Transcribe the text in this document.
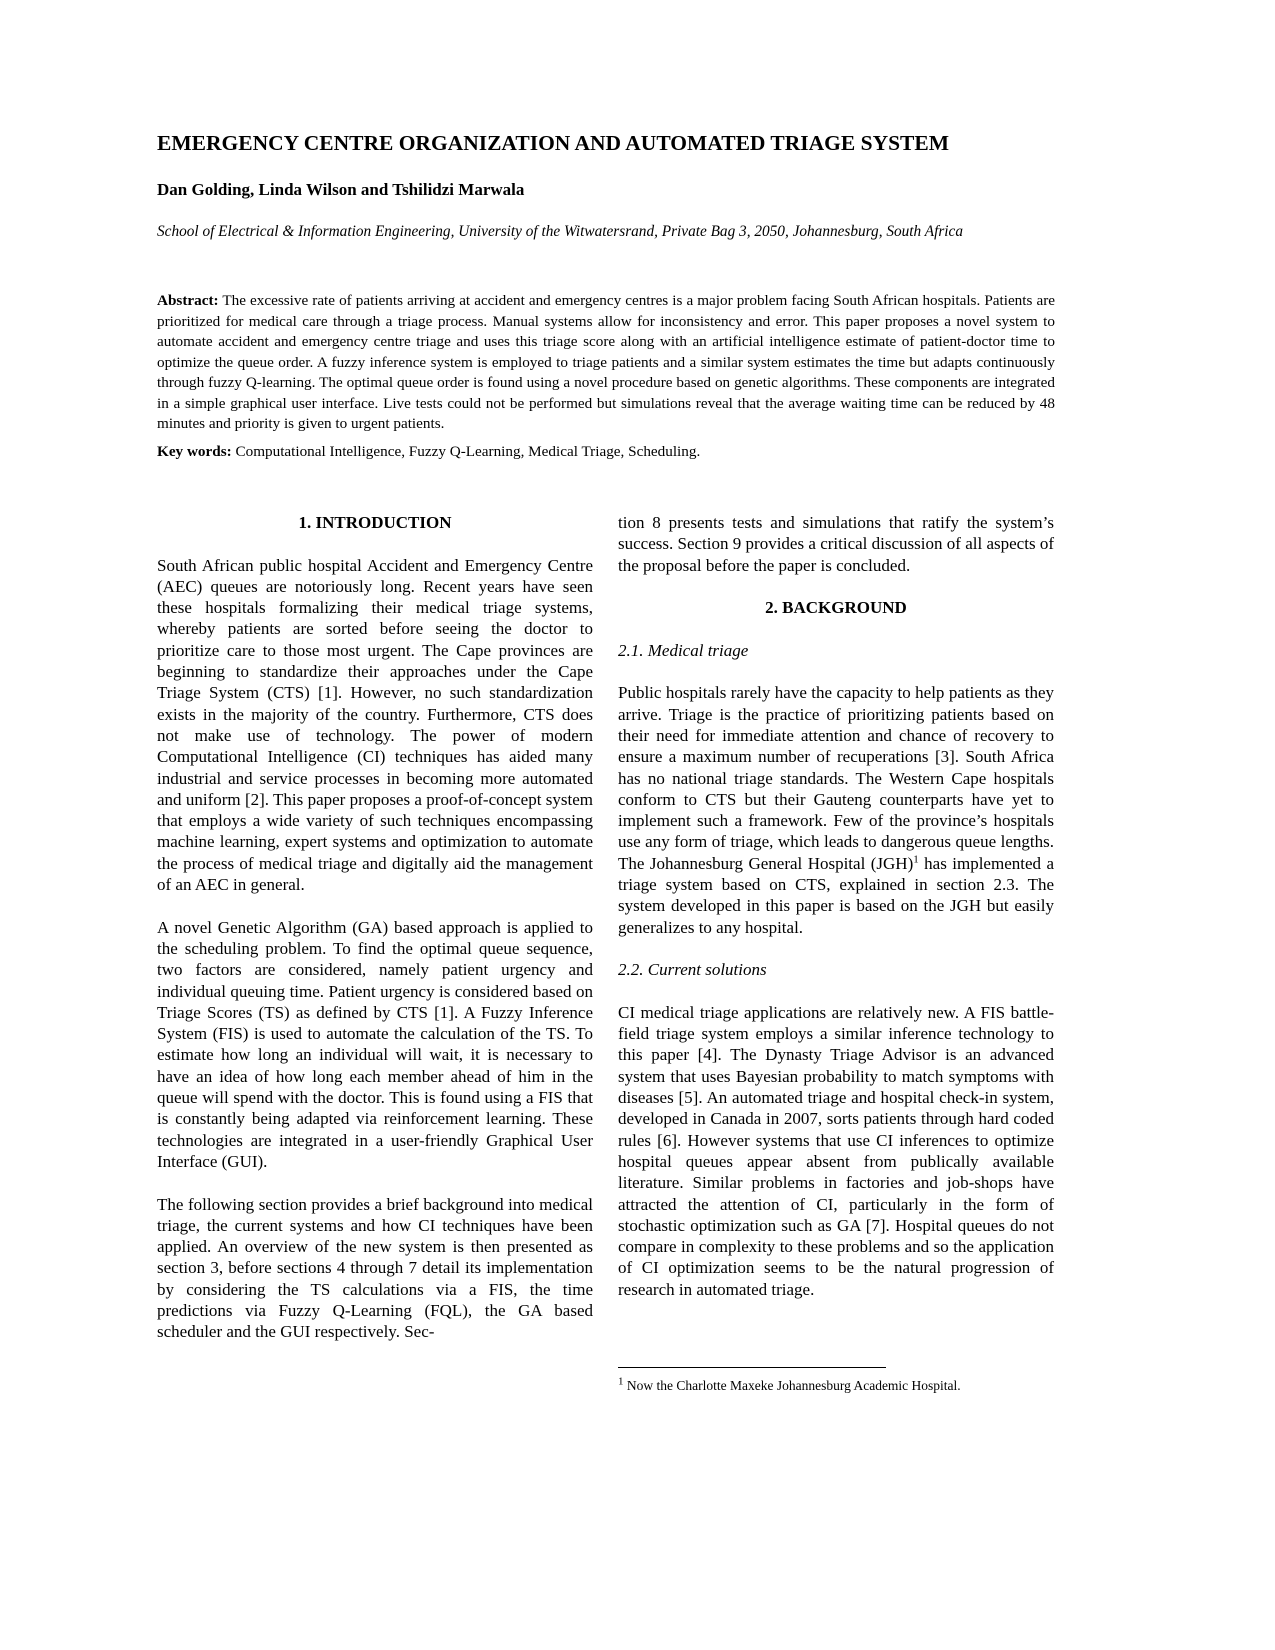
EMERGENCY CENTRE ORGANIZATION AND AUTOMATED TRIAGE SYSTEM
Dan Golding, Linda Wilson and Tshilidzi Marwala
School of Electrical & Information Engineering, University of the Witwatersrand, Private Bag 3, 2050, Johannesburg, South Africa
Abstract: The excessive rate of patients arriving at accident and emergency centres is a major problem facing South African hospitals. Patients are prioritized for medical care through a triage process. Manual systems allow for inconsistency and error. This paper proposes a novel system to automate accident and emergency centre triage and uses this triage score along with an artificial intelligence estimate of patient-doctor time to optimize the queue order. A fuzzy inference system is employed to triage patients and a similar system estimates the time but adapts continuously through fuzzy Q-learning. The optimal queue order is found using a novel procedure based on genetic algorithms. These components are integrated in a simple graphical user interface. Live tests could not be performed but simulations reveal that the average waiting time can be reduced by 48 minutes and priority is given to urgent patients.
Key words: Computational Intelligence, Fuzzy Q-Learning, Medical Triage, Scheduling.
1. INTRODUCTION

South African public hospital Accident and Emergency Centre (AEC) queues are notoriously long. Recent years have seen these hospitals formalizing their medical triage systems, whereby patients are sorted before seeing the doctor to prioritize care to those most urgent. The Cape provinces are beginning to standardize their approaches under the Cape Triage System (CTS) [1]. However, no such standardization exists in the majority of the country. Furthermore, CTS does not make use of technology. The power of modern Computational Intelligence (CI) techniques has aided many industrial and service processes in becoming more automated and uniform [2]. This paper proposes a proof-of-concept system that employs a wide variety of such techniques encompassing machine learning, expert systems and optimization to automate the process of medical triage and digitally aid the management of an AEC in general.

A novel Genetic Algorithm (GA) based approach is applied to the scheduling problem. To find the optimal queue sequence, two factors are considered, namely patient urgency and individual queuing time. Patient urgency is considered based on Triage Scores (TS) as defined by CTS [1]. A Fuzzy Inference System (FIS) is used to automate the calculation of the TS. To estimate how long an individual will wait, it is necessary to have an idea of how long each member ahead of him in the queue will spend with the doctor. This is found using a FIS that is constantly being adapted via reinforcement learning. These technologies are integrated in a user-friendly Graphical User Interface (GUI).

The following section provides a brief background into medical triage, the current systems and how CI techniques have been applied. An overview of the new system is then presented as section 3, before sections 4 through 7 detail its implementation by considering the TS calculations via a FIS, the time predictions via Fuzzy Q-Learning (FQL), the GA based scheduler and the GUI respectively. Sec-

tion 8 presents tests and simulations that ratify the system’s success. Section 9 provides a critical discussion of all aspects of the proposal before the paper is concluded.

2. BACKGROUND
2.1. Medical triage

Public hospitals rarely have the capacity to help patients as they arrive. Triage is the practice of prioritizing patients based on their need for immediate attention and chance of recovery to ensure a maximum number of recuperations [3]. South Africa has no national triage standards. The Western Cape hospitals conform to CTS but their Gauteng counterparts have yet to implement such a framework. Few of the province’s hospitals use any form of triage, which leads to dangerous queue lengths. The Johannesburg General Hospital (JGH)$^1$ has implemented a triage system based on CTS, explained in section 2.3. The system developed in this paper is based on the JGH but easily generalizes to any hospital.

2.2. Current solutions

CI medical triage applications are relatively new. A FIS battle-field triage system employs a similar inference technology to this paper [4]. The Dynasty Triage Advisor is an advanced system that uses Bayesian probability to match symptoms with diseases [5]. An automated triage and hospital check-in system, developed in Canada in 2007, sorts patients through hard coded rules [6]. However systems that use CI inferences to optimize hospital queues appear absent from publically available literature. Similar problems in factories and job-shops have attracted the attention of CI, particularly in the form of stochastic optimization such as GA [7]. Hospital queues do not compare in complexity to these problems and so the application of CI optimization seems to be the natural progression of research in automated triage.

$^1$ Now the Charlotte Maxeke Johannesburg Academic Hospital.
